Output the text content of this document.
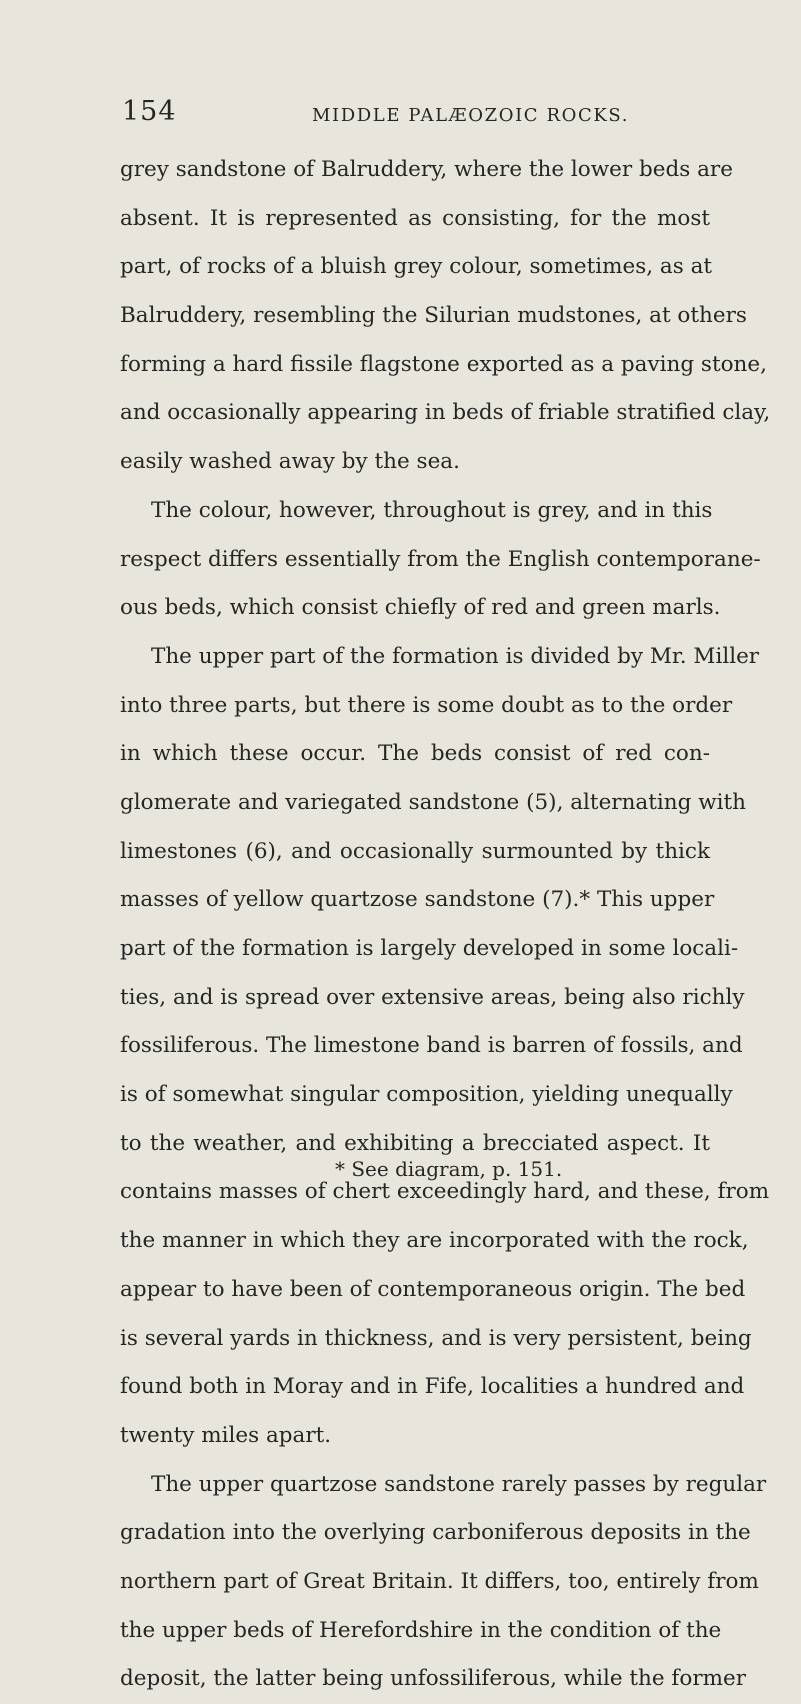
154	MIDDLE PALÆOZOIC ROCKS.
grey sandstone of Balruddery, where the lower beds are
absent. It is represented as consisting, for the most
part, of rocks of a bluish grey colour, sometimes, as at
Balruddery, resembling the Silurian mudstones, at others
forming a hard fissile flagstone exported as a paving stone,
and occasionally appearing in beds of friable stratified clay,
easily washed away by the sea.
The colour, however, throughout is grey, and in this
respect differs essentially from the English contemporane-
ous beds, which consist chiefly of red and green marls.
The upper part of the formation is divided by Mr. Miller
into three parts, but there is some doubt as to the order
in which these occur. The beds consist of red con-
glomerate and variegated sandstone (5), alternating with
limestones (6), and occasionally surmounted by thick
masses of yellow quartzose sandstone (7).* This upper
part of the formation is largely developed in some locali-
ties, and is spread over extensive areas, being also richly
fossiliferous. The limestone band is barren of fossils, and
is of somewhat singular composition, yielding unequally
to the weather, and exhibiting a brecciated aspect. It
contains masses of chert exceedingly hard, and these, from
the manner in which they are incorporated with the rock,
appear to have been of contemporaneous origin. The bed
is several yards in thickness, and is very persistent, being
found both in Moray and in Fife, localities a hundred and
twenty miles apart.
The upper quartzose sandstone rarely passes by regular
gradation into the overlying carboniferous deposits in the
northern part of Great Britain. It differs, too, entirely from
the upper beds of Herefordshire in the condition of the
deposit, the latter being unfossiliferous, while the former
* See diagram, p. 151.
